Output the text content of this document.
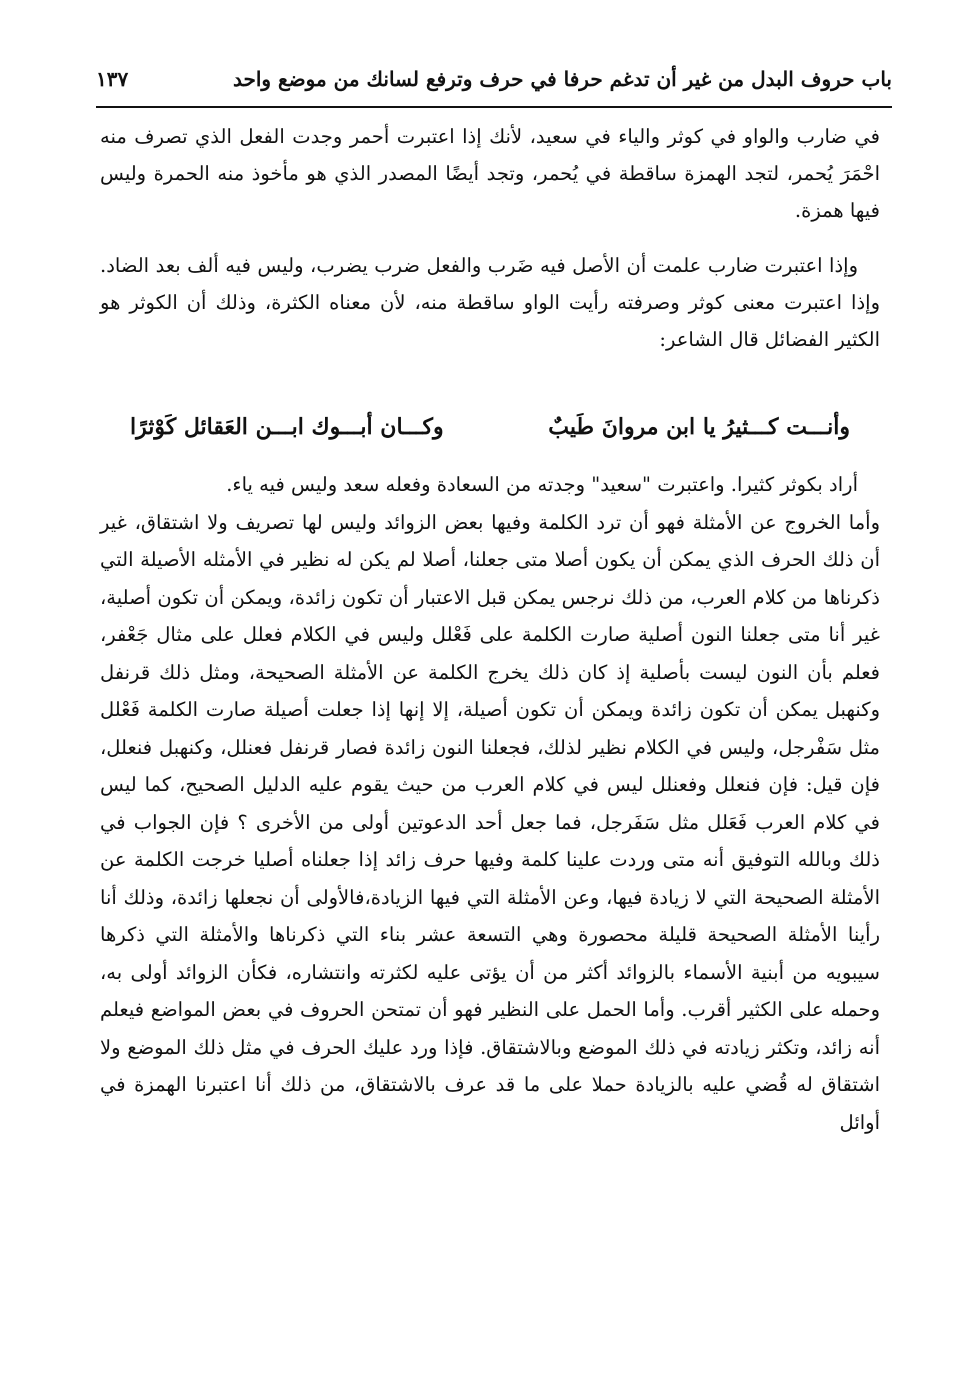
باب حروف البدل من غير أن تدغم حرفا في حرف وترفع لسانك من موضع واحد
١٣٧

في ضارب والواو في كوثر والياء في سعيد، لأنك إذا اعتبرت أحمر وجدت الفعل الذي تصرف منه احْمَرَ يُحمر، لتجد الهمزة ساقطة في يُحمر، وتجد أيضًا المصدر الذي هو مأخوذ منه الحمرة وليس فيها همزة.

وإذا اعتبرت ضارب علمت أن الأصل فيه ضَرب والفعل ضرب يضرب، وليس فيه ألف بعد الضاد. وإذا اعتبرت معنى كوثر وصرفته رأيت الواو ساقطة منه، لأن معناه الكثرة، وذلك أن الكوثر هو الكثير الفضائل قال الشاعر:

وأنـــت كـــثيرُ يا ابن مروانَ طَيبٌ
وكـــان أبـــوك ابـــن العَقائل كَوْثرًا

أراد بكوثر كثيرا. واعتبرت "سعيد" وجدته من السعادة وفعله سعد وليس فيه ياء.

وأما الخروج عن الأمثلة فهو أن ترد الكلمة وفيها بعض الزوائد وليس لها تصريف ولا اشتقاق، غير أن ذلك الحرف الذي يمكن أن يكون أصلا متى جعلنا، أصلا لم يكن له نظير في الأمثله الأصيلة التي ذكرناها من كلام العرب، من ذلك نرجس يمكن قبل الاعتبار أن تكون زائدة، ويمكن أن تكون أصلية، غير أنا متى جعلنا النون أصلية صارت الكلمة على فَعْلل وليس في الكلام فعلل على مثال جَعْفر، فعلم بأن النون ليست بأصلية إذ كان ذلك يخرج الكلمة عن الأمثلة الصحيحة، ومثل ذلك قرنفل وكنهبل يمكن أن تكون زائدة ويمكن أن تكون أصيلة، إلا إنها إذا جعلت أصيلة صارت الكلمة فَعْلل مثل سَفْرجل، وليس في الكلام نظير لذلك، فجعلنا النون زائدة فصار قرنفل فعنلل، وكنهبل فنعلل، فإن قيل: فإن فنعلل وفعنلل ليس في كلام العرب من حيث يقوم عليه الدليل الصحيح، كما ليس في كلام العرب فَعَلل مثل سَفَرجل، فما جعل أحد الدعوتين أولى من الأخرى ؟ فإن الجواب في ذلك وبالله التوفيق أنه متى وردت علينا كلمة وفيها حرف زائد إذا جعلناه أصليا خرجت الكلمة عن الأمثلة الصحيحة التي لا زيادة فيها، وعن الأمثلة التي فيها الزيادة،فالأولى أن نجعلها زائدة، وذلك أنا رأينا الأمثلة الصحيحة قليلة محصورة وهي التسعة عشر بناء التي ذكرناها والأمثلة التي ذكرها سيبويه من أبنية الأسماء بالزوائد أكثر من أن يؤتى عليه لكثرته وانتشاره، فكأن الزوائد أولى به، وحمله على الكثير أقرب. وأما الحمل على النظير فهو أن تمتحن الحروف في بعض المواضع فيعلم أنه زائد، وتكثر زيادته في ذلك الموضع وبالاشتقاق. فإذا ورد عليك الحرف في مثل ذلك الموضع ولا اشتقاق له قُضي عليه بالزيادة حملا على ما قد عرف بالاشتقاق، من ذلك أنا اعتبرنا الهمزة في أوائل
